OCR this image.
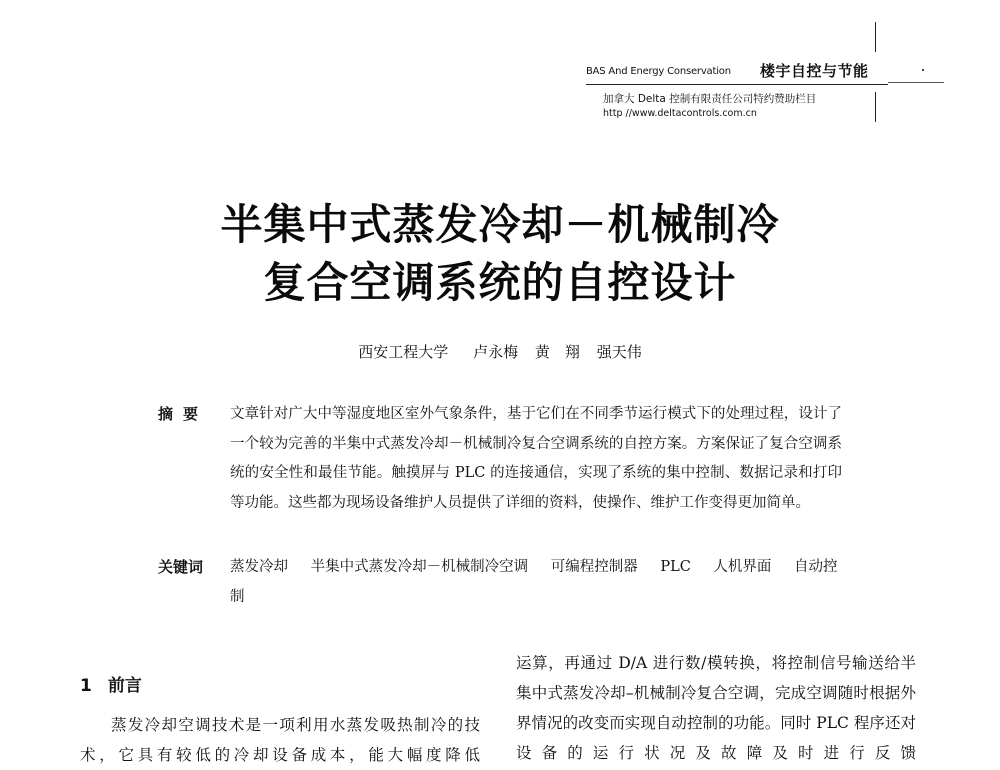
BAS And Energy Conservation 楼宇自控与节能
加拿大 Delta 控制有限责任公司特约赞助栏目
http //www.deltacontrols.com.cn
半集中式蒸发冷却－机械制冷
复合空调系统的自控设计
西安工程大学 卢永梅 黄　翔 强天伟
摘要 文章针对广大中等湿度地区室外气象条件，基于它们在不同季节运行模式下的处理过程，设计了一个较为完善的半集中式蒸发冷却－机械制冷复合空调系统的自控方案。方案保证了复合空调系统的安全性和最佳节能。触摸屏与 PLC 的连接通信，实现了系统的集中控制、数据记录和打印等功能。这些都为现场设备维护人员提供了详细的资料，使操作、维护工作变得更加简单。
关键词 蒸发冷却 半集中式蒸发冷却－机械制冷空调 可编程控制器 PLC 人机界面 自动控制
1 前言
蒸发冷却空调技术是一项利用水蒸发吸热制冷的技术，它具有较低的冷却设备成本，能大幅度降低
运算，再通过 D/A 进行数/模转换，将控制信号输送给半集中式蒸发冷却–机械制冷复合空调，完成空调随时根据外界情况的改变而实现自动控制的功能。同时 PLC 程序还对设备的运行状况及故障及时进行反馈
